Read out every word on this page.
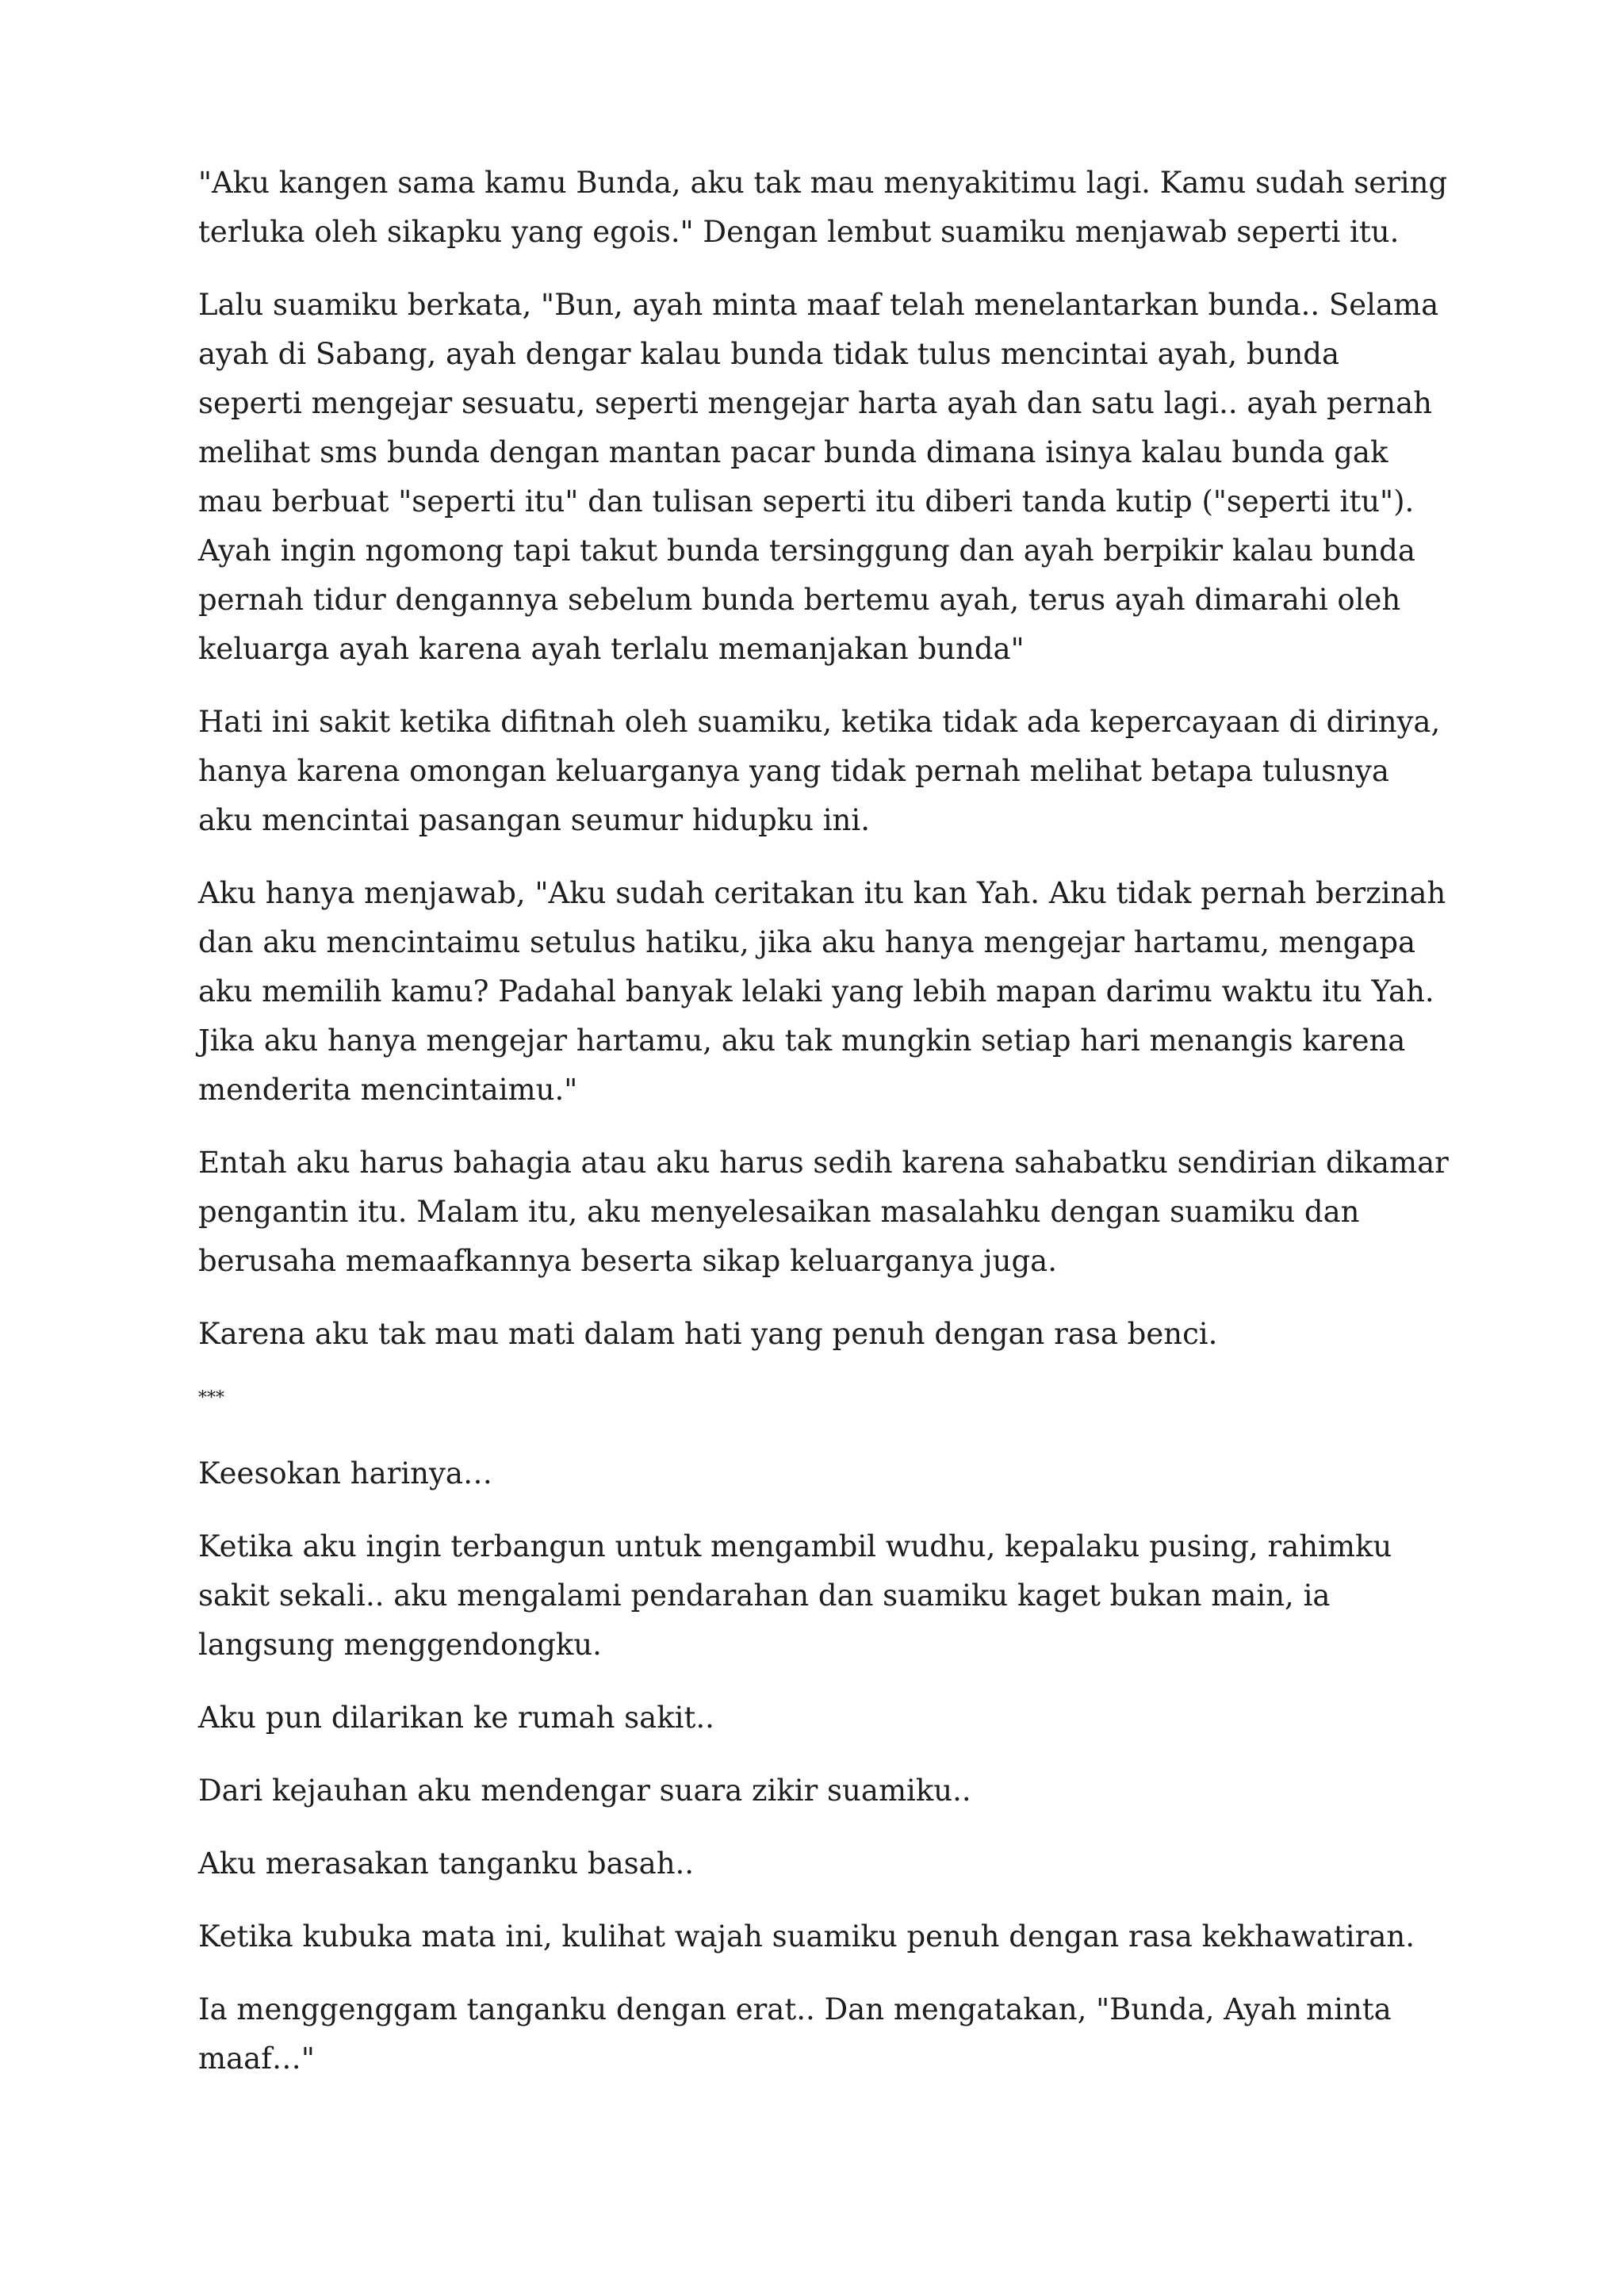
"Aku kangen sama kamu Bunda, aku tak mau menyakitimu lagi. Kamu sudah sering terluka oleh sikapku yang egois." Dengan lembut suamiku menjawab seperti itu.

Lalu suamiku berkata, "Bun, ayah minta maaf telah menelantarkan bunda.. Selama ayah di Sabang, ayah dengar kalau bunda tidak tulus mencintai ayah, bunda seperti mengejar sesuatu, seperti mengejar harta ayah dan satu lagi.. ayah pernah melihat sms bunda dengan mantan pacar bunda dimana isinya kalau bunda gak mau berbuat "seperti itu" dan tulisan seperti itu diberi tanda kutip ("seperti itu"). Ayah ingin ngomong tapi takut bunda tersinggung dan ayah berpikir kalau bunda pernah tidur dengannya sebelum bunda bertemu ayah, terus ayah dimarahi oleh keluarga ayah karena ayah terlalu memanjakan bunda"

Hati ini sakit ketika difitnah oleh suamiku, ketika tidak ada kepercayaan di dirinya, hanya karena omongan keluarganya yang tidak pernah melihat betapa tulusnya aku mencintai pasangan seumur hidupku ini.

Aku hanya menjawab, "Aku sudah ceritakan itu kan Yah. Aku tidak pernah berzinah dan aku mencintaimu setulus hatiku, jika aku hanya mengejar hartamu, mengapa aku memilih kamu? Padahal banyak lelaki yang lebih mapan darimu waktu itu Yah. Jika aku hanya mengejar hartamu, aku tak mungkin setiap hari menangis karena menderita mencintaimu."

Entah aku harus bahagia atau aku harus sedih karena sahabatku sendirian dikamar pengantin itu. Malam itu, aku menyelesaikan masalahku dengan suamiku dan berusaha memaafkannya beserta sikap keluarganya juga.

Karena aku tak mau mati dalam hati yang penuh dengan rasa benci.

***

Keesokan harinya…

Ketika aku ingin terbangun untuk mengambil wudhu, kepalaku pusing, rahimku sakit sekali.. aku mengalami pendarahan dan suamiku kaget bukan main, ia langsung menggendongku.

Aku pun dilarikan ke rumah sakit..

Dari kejauhan aku mendengar suara zikir suamiku..

Aku merasakan tanganku basah..

Ketika kubuka mata ini, kulihat wajah suamiku penuh dengan rasa kekhawatiran.

Ia menggenggam tanganku dengan erat.. Dan mengatakan, "Bunda, Ayah minta maaf…"
